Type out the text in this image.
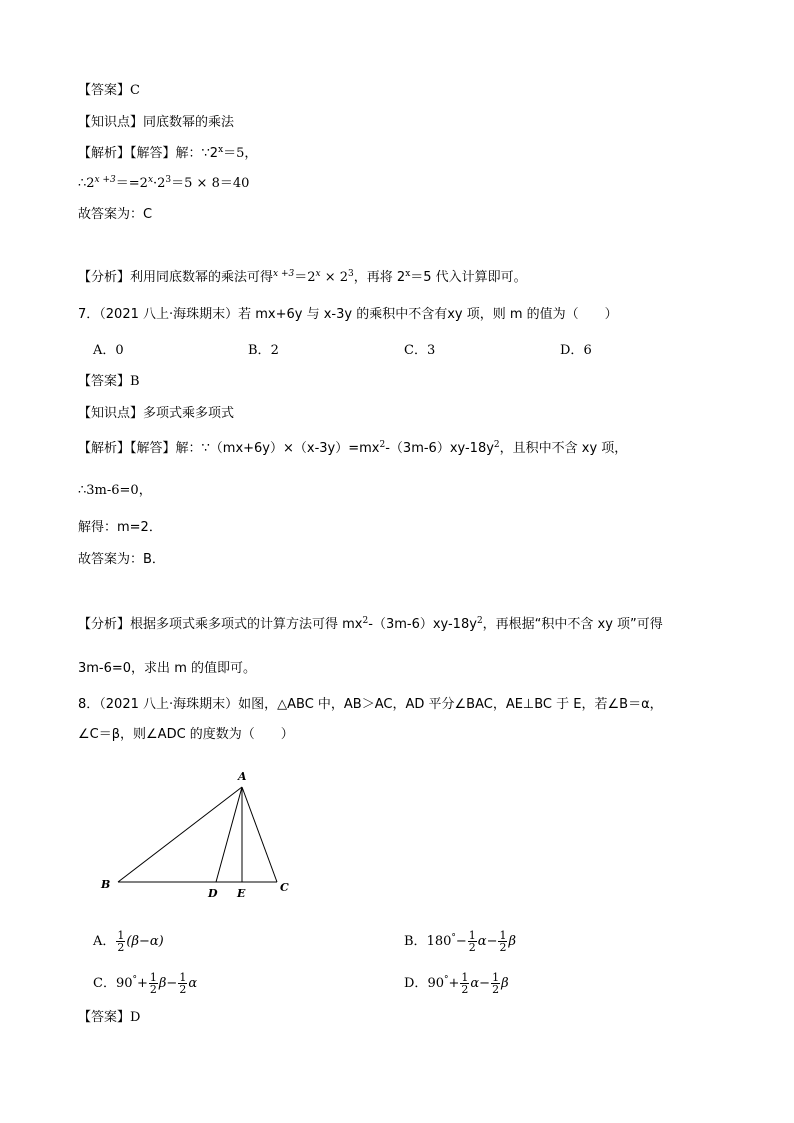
【答案】C
【知识点】同底数幂的乘法
【解析】【解答】解：$\because 2^x=5$，
$\therefore 2^{x +3}==2^x\cdot 2^3=5 \times 8=40$
故答案为：C
【分析】利用同底数幂的乘法可得$^{x +3}=2^x \times 2^3$，再将 $2^x=5$ 代入计算即可。
7．（2021 八上·海珠期末）若 mx+6y 与 x-3y 的乘积中不含有xy 项，则 m 的值为（　　）
A．0	B．2	C．3	D．6
【答案】B
【知识点】多项式乘多项式
【解析】【解答】解：$\because(mx+6y)\times(x-3y)=mx^2-(3m-6)xy-18y^2$，且积中不含 xy 项，
∴3m-6=0，
解得：m=2．
故答案为：B．
【分析】根据多项式乘多项式的计算方法可得 $mx^2-(3m-6)xy-18y^2$，再根据“积中不含 xy 项”可得
3m-6=0，求出 m 的值即可。
8．（2021 八上·海珠期末）如图，△ABC 中，AB＞AC，AD 平分∠BAC，AE⊥BC 于 E，若∠B＝α，
∠C＝β，则∠ADC 的度数为（　　）
A
B
D E	C
A． $\frac{1}{2} (\beta-\alpha)$	B．$180^\circ- \frac{1}{2} \alpha- \frac{1}{2}$ β
C．$90^\circ+ \frac{1}{2} \beta- \frac{1}{2}$ α	D．$90^\circ+ \frac{1}{2} \alpha- \frac{1}{2}$ β
【答案】D
